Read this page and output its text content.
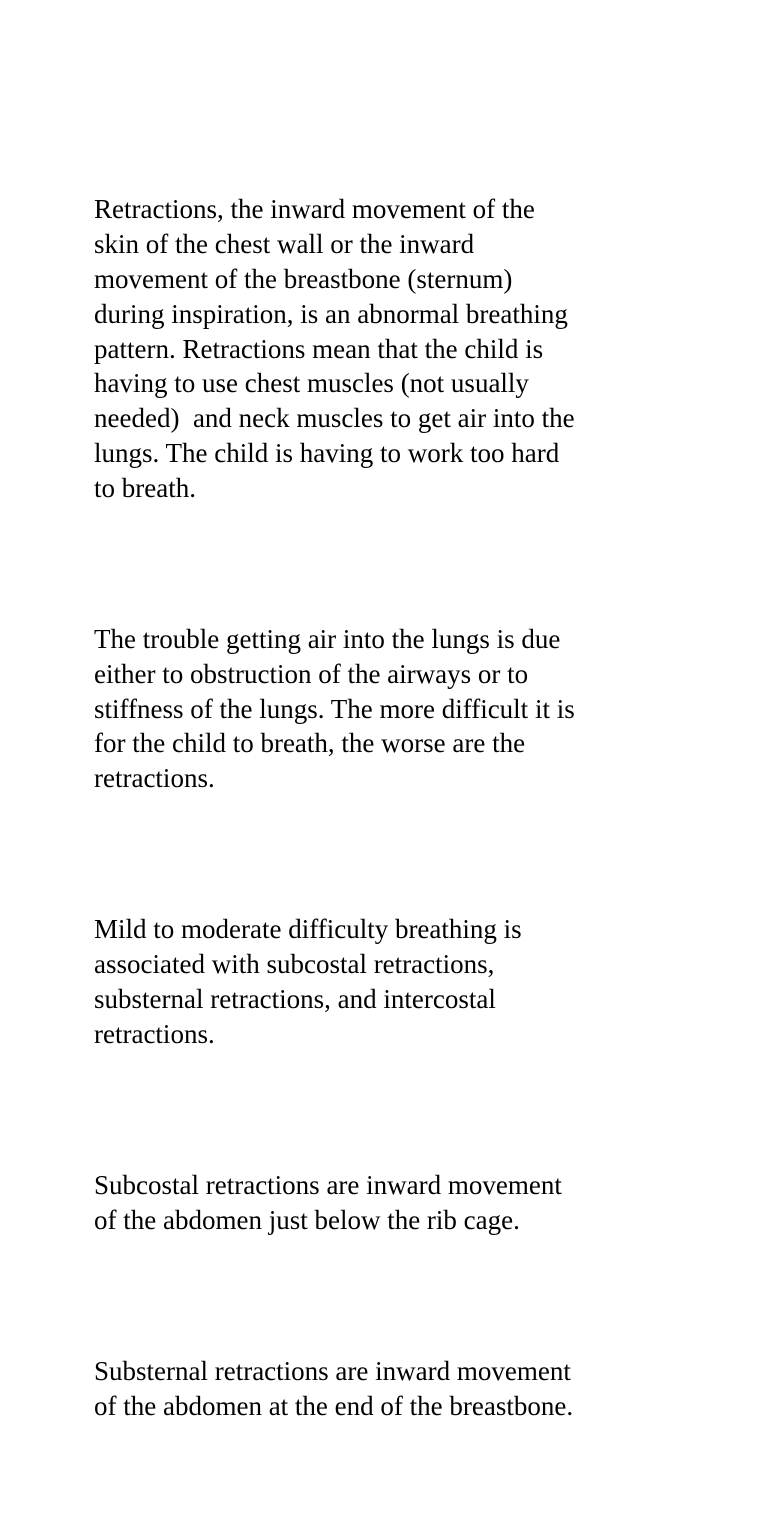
Retractions, the inward movement of the
skin of the chest wall or the inward
movement of the breastbone (sternum)
during inspiration, is an abnormal breathing
pattern. Retractions mean that the child is
having to use chest muscles (not usually
needed)  and neck muscles to get air into the
lungs. The child is having to work too hard
to breath.

The trouble getting air into the lungs is due
either to obstruction of the airways or to
stiffness of the lungs. The more difficult it is
for the child to breath, the worse are the
retractions.

Mild to moderate difficulty breathing is
associated with subcostal retractions,
substernal retractions, and intercostal
retractions.

Subcostal retractions are inward movement
of the abdomen just below the rib cage.

Substernal retractions are inward movement
of the abdomen at the end of the breastbone.
